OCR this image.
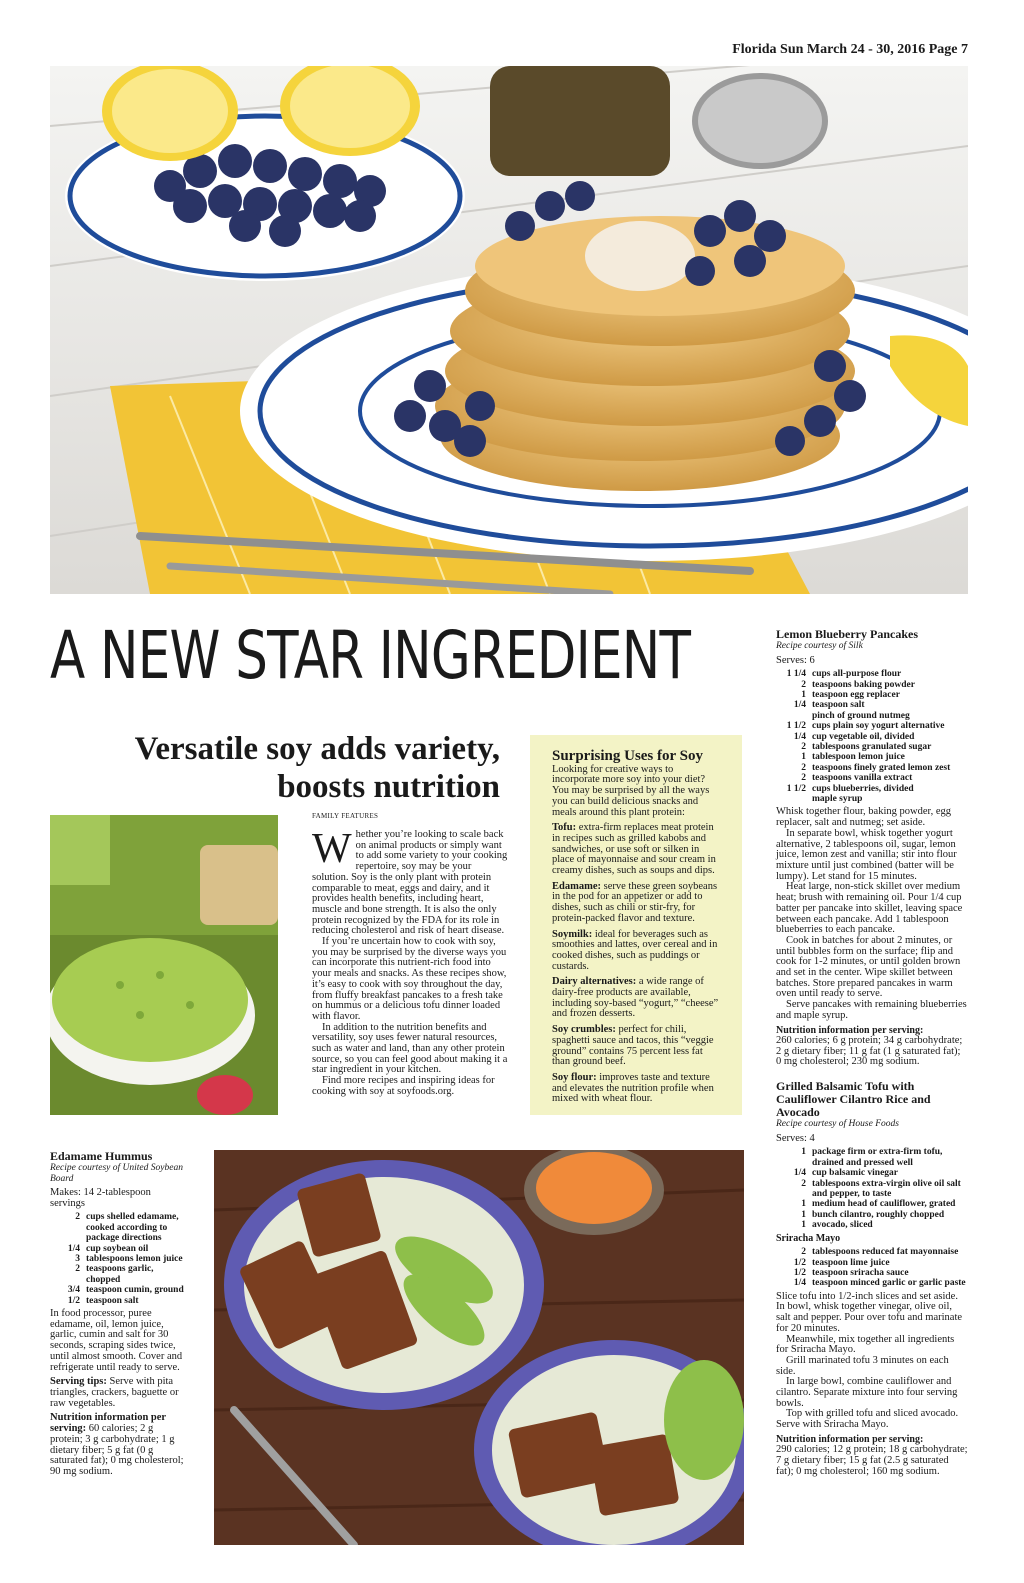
Florida Sun March 24 - 30, 2016 Page 7
A NEW STAR INGREDIENT
Versatile soy adds variety, boosts nutrition
FAMILY FEATURES
W hether you’re looking to scale back on animal products or simply want to add some variety to your cooking repertoire, soy may be your solution. Soy is the only plant with protein comparable to meat, eggs and dairy, and it provides health benefits, including heart, muscle and bone strength. It is also the only protein recognized by the FDA for its role in reducing cholesterol and risk of heart disease.

If you’re uncertain how to cook with soy, you may be surprised by the diverse ways you can incorporate this nutrient-rich food into your meals and snacks. As these recipes show, it’s easy to cook with soy throughout the day, from fluffy breakfast pancakes to a fresh take on hummus or a delicious tofu dinner loaded with flavor.

In addition to the nutrition benefits and versatility, soy uses fewer natural resources, such as water and land, than any other protein source, so you can feel good about making it a star ingredient in your kitchen.

Find more recipes and inspiring ideas for cooking with soy at soyfoods.org.

Surprising Uses for Soy

Looking for creative ways to incorporate more soy into your diet? You may be surprised by all the ways you can build delicious snacks and meals around this plant protein:

Tofu: extra-firm replaces meat protein in recipes such as grilled kabobs and sandwiches, or use soft or silken in place of mayonnaise and sour cream in creamy dishes, such as soups and dips.

Edamame: serve these green soybeans in the pod for an appetizer or add to dishes, such as chili or stir-fry, for protein-packed flavor and texture.

Soymilk: ideal for beverages such as smoothies and lattes, over cereal and in cooked dishes, such as puddings or custards.

Dairy alternatives: a wide range of dairy-free products are available, including soy-based “yogurt,” “cheese” and frozen desserts.

Soy crumbles: perfect for chili, spaghetti sauce and tacos, this “veggie ground” contains 75 percent less fat than ground beef.

Soy flour: improves taste and texture and elevates the nutrition profile when mixed with wheat flour.

Lemon Blueberry Pancakes
Recipe courtesy of Silk
Serves: 6
1 1/4 cups all-purpose flour
2 teaspoons baking powder
1 teaspoon egg replacer
1/4 teaspoon salt
pinch of ground nutmeg
1 1/2 cups plain soy yogurt alternative
1/4 cup vegetable oil, divided
2 tablespoons granulated sugar
1 tablespoon lemon juice
2 teaspoons finely grated lemon zest
2 teaspoons vanilla extract
1 1/2 cups blueberries, divided
maple syrup

Whisk together flour, baking powder, egg replacer, salt and nutmeg; set aside.

In separate bowl, whisk together yogurt alternative, 2 tablespoons oil, sugar, lemon juice, lemon zest and vanilla; stir into flour mixture until just combined (batter will be lumpy). Let stand for 15 minutes.

Heat large, non-stick skillet over medium heat; brush with remaining oil. Pour 1/4 cup batter per pancake into skillet, leaving space between each pancake. Add 1 tablespoon blueberries to each pancake.

Cook in batches for about 2 minutes, or until bubbles form on the surface; flip and cook for 1-2 minutes, or until golden brown and set in the center. Wipe skillet between batches. Store prepared pancakes in warm oven until ready to serve.

Serve pancakes with remaining blueberries and maple syrup.

Nutrition information per serving:
260 calories; 6 g protein; 34 g carbohydrate; 2 g dietary fiber; 11 g fat (1 g saturated fat); 0 mg cholesterol; 230 mg sodium.
Grilled Balsamic Tofu with Cauliflower Cilantro Rice and Avocado
Recipe courtesy of House Foods
Serves: 4
1 package firm or extra-firm tofu, drained and pressed well
1/4 cup balsamic vinegar
2 tablespoons extra-virgin olive oil salt and pepper, to taste
1 medium head of cauliflower, grated
1 bunch cilantro, roughly chopped
1 avocado, sliced
Sriracha Mayo
2 tablespoons reduced fat mayonnaise
1/2 teaspoon lime juice
1/2 teaspoon sriracha sauce
1/4 teaspoon minced garlic or garlic paste

Slice tofu into 1/2-inch slices and set aside. In bowl, whisk together vinegar, olive oil, salt and pepper. Pour over tofu and marinate for 20 minutes.

Meanwhile, mix together all ingredients for Sriracha Mayo.

Grill marinated tofu 3 minutes on each side.

In large bowl, combine cauliflower and cilantro. Separate mixture into four serving bowls.

Top with grilled tofu and sliced avocado. Serve with Sriracha Mayo.

Nutrition information per serving:
290 calories; 12 g protein; 18 g carbohydrate; 7 g dietary fiber; 15 g fat (2.5 g saturated fat); 0 mg cholesterol; 160 mg sodium.
Edamame Hummus
Recipe courtesy of United Soybean Board
Makes: 14 2-tablespoon servings
2 cups shelled edamame, cooked according to package directions
1/4 cup soybean oil
3 tablespoons lemon juice
2 teaspoons garlic, chopped
3/4 teaspoon cumin, ground
1/2 teaspoon salt

In food processor, puree edamame, oil, lemon juice, garlic, cumin and salt for 30 seconds, scraping sides twice, until almost smooth. Cover and refrigerate until ready to serve.

Serving tips: Serve with pita triangles, crackers, baguette or raw vegetables.

Nutrition information per serving: 60 calories; 2 g protein; 3 g carbohydrate; 1 g dietary fiber; 5 g fat (0 g saturated fat); 0 mg cholesterol; 90 mg sodium.
